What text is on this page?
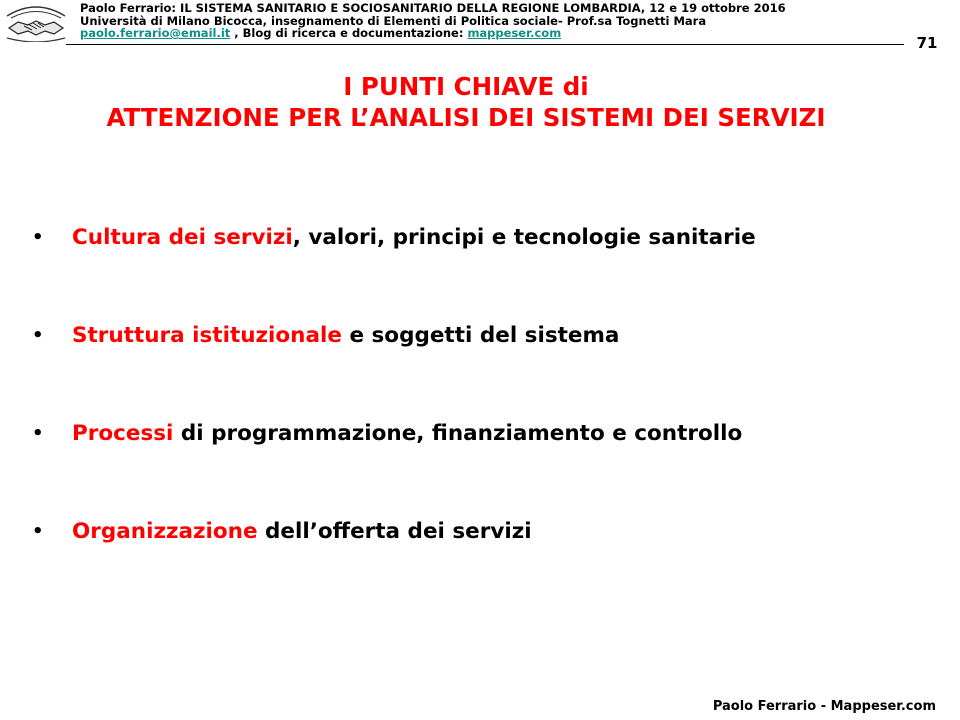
Paolo Ferrario: IL SISTEMA SANITARIO E SOCIOSANITARIO DELLA REGIONE LOMBARDIA, 12 e 19 ottobre 2016
Università di Milano Bicocca, insegnamento di Elementi di Politica sociale- Prof.sa Tognetti Mara
paolo.ferrario@email.it , Blog di ricerca e documentazione: mappeser.com
71
I PUNTI CHIAVE di
ATTENZIONE PER L’ANALISI DEI SISTEMI DEI SERVIZI
•	Cultura dei servizi, valori, principi e tecnologie sanitarie
•	Struttura istituzionale e soggetti del sistema
•	Processi di programmazione, finanziamento e controllo
•	Organizzazione dell’offerta dei servizi
Paolo Ferrario - Mappeser.com
